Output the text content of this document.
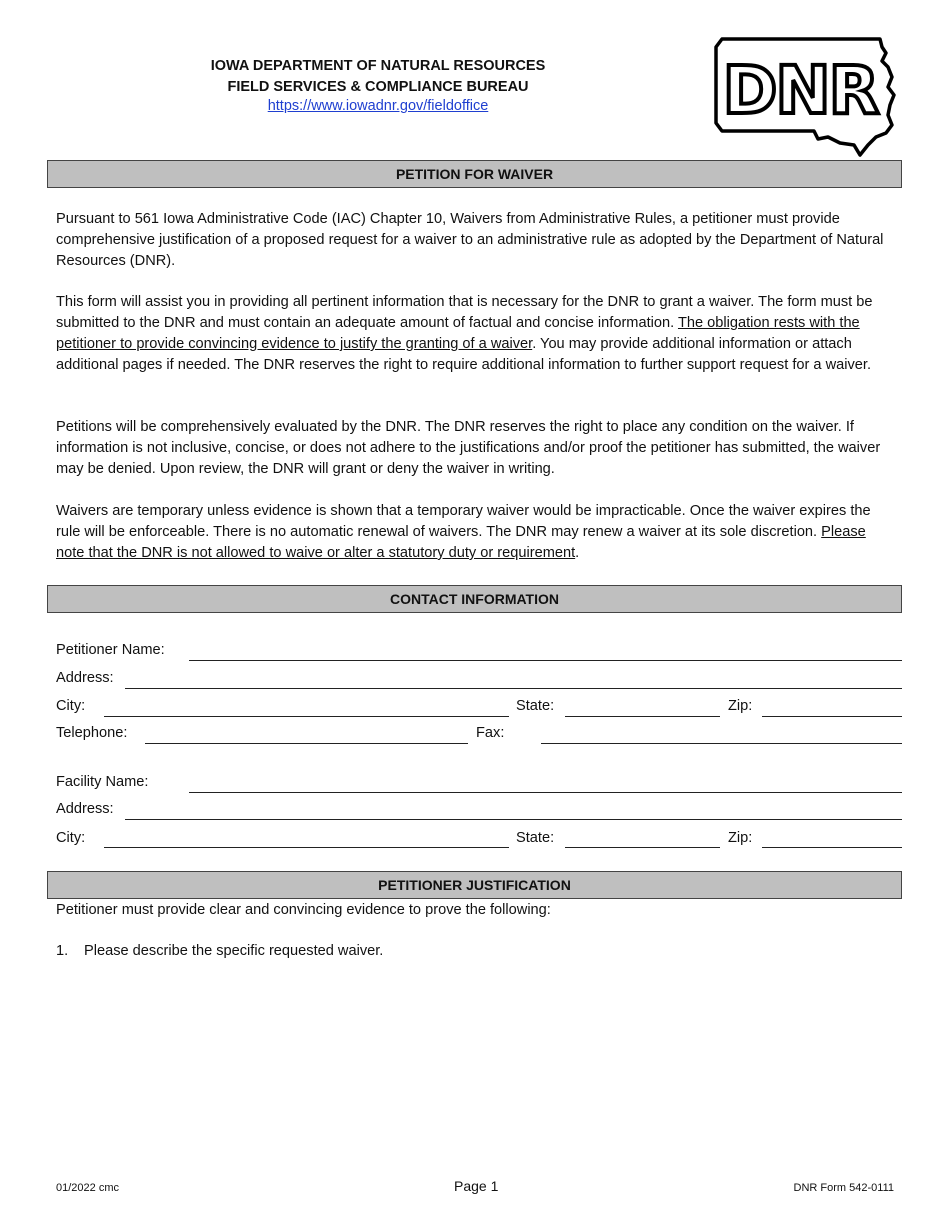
IOWA DEPARTMENT OF NATURAL RESOURCES
FIELD SERVICES & COMPLIANCE BUREAU
https://www.iowadnr.gov/fieldoffice	DNR
PETITION FOR WAIVER

Pursuant to 561 Iowa Administrative Code (IAC) Chapter 10, Waivers from Administrative Rules, a petitioner must provide comprehensive justification of a proposed request for a waiver to an administrative rule as adopted by the Department of Natural Resources (DNR).

This form will assist you in providing all pertinent information that is necessary for the DNR to grant a waiver. The form must be submitted to the DNR and must contain an adequate amount of factual and concise information. The obligation rests with the petitioner to provide convincing evidence to justify the granting of a waiver. You may provide additional information or attach additional pages if needed. The DNR reserves the right to require additional information to further support request for a waiver.

Petitions will be comprehensively evaluated by the DNR. The DNR reserves the right to place any condition on the waiver. If information is not inclusive, concise, or does not adhere to the justifications and/or proof the petitioner has submitted, the waiver may be denied. Upon review, the DNR will grant or deny the waiver in writing.

Waivers are temporary unless evidence is shown that a temporary waiver would be impracticable. Once the waiver expires the rule will be enforceable. There is no automatic renewal of waivers. The DNR may renew a waiver at its sole discretion. Please note that the DNR is not allowed to waive or alter a statutory duty or requirement.

CONTACT INFORMATION
Petitioner Name:
Address:
City:	State:	Zip:
Telephone:	Fax:
Facility Name:
Address:
City:	State:	Zip:
PETITIONER JUSTIFICATION
Petitioner must provide clear and convincing evidence to prove the following:
1. Please describe the specific requested waiver.
01/2022 cmc	Page 1	DNR Form 542-0111
